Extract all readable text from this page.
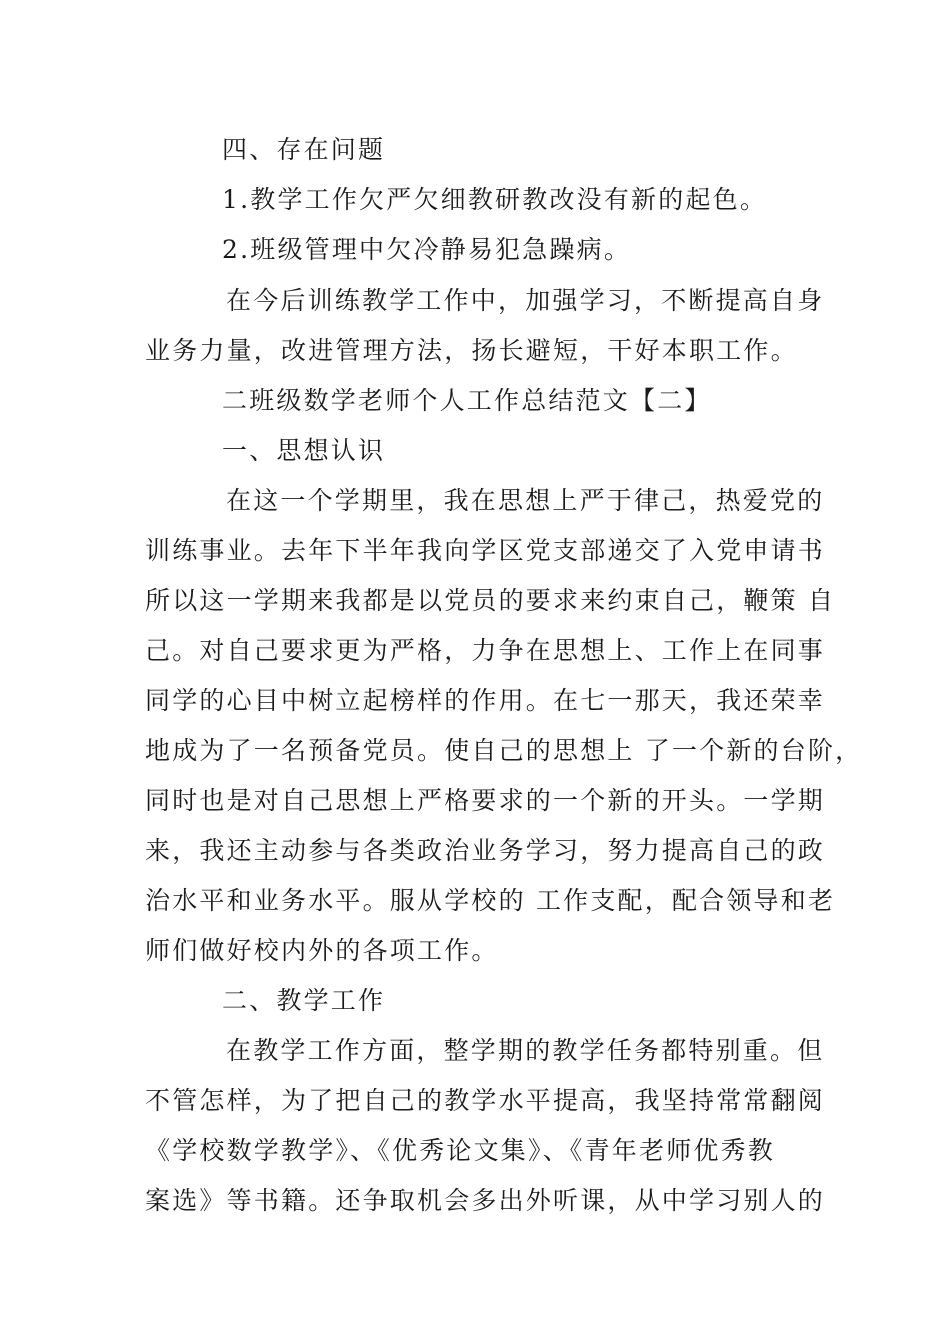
四、存在问题
1.教学工作欠严欠细教研教改没有新的起色。
2.班级管理中欠冷静易犯急躁病。
在今后训练教学工作中，加强学习，不断提高自身
业务力量，改进管理方法，扬长避短，干好本职工作。
二班级数学老师个人工作总结范文【二】
一、思想认识
在这一个学期里，我在思想上严于律己，热爱党的
训练事业。去年下半年我向学区党支部递交了入党申请书
所以这一学期来我都是以党员的要求来约束自己，鞭策 自
己。对自己要求更为严格，力争在思想上、工作上在同事
同学的心目中树立起榜样的作用。在七一那天，我还荣幸
地成为了一名预备党员。使自己的思想上 了一个新的台阶，
同时也是对自己思想上严格要求的一个新的开头。一学期
来，我还主动参与各类政治业务学习，努力提高自己的政
治水平和业务水平。服从学校的 工作支配，配合领导和老
师们做好校内外的各项工作。
二、教学工作
在教学工作方面，整学期的教学任务都特别重。但
不管怎样，为了把自己的教学水平提高，我坚持常常翻阅
《学校数学教学》、《优秀论文集》、《青年老师优秀教
案选》等书籍。还争取机会多出外听课，从中学习别人的
